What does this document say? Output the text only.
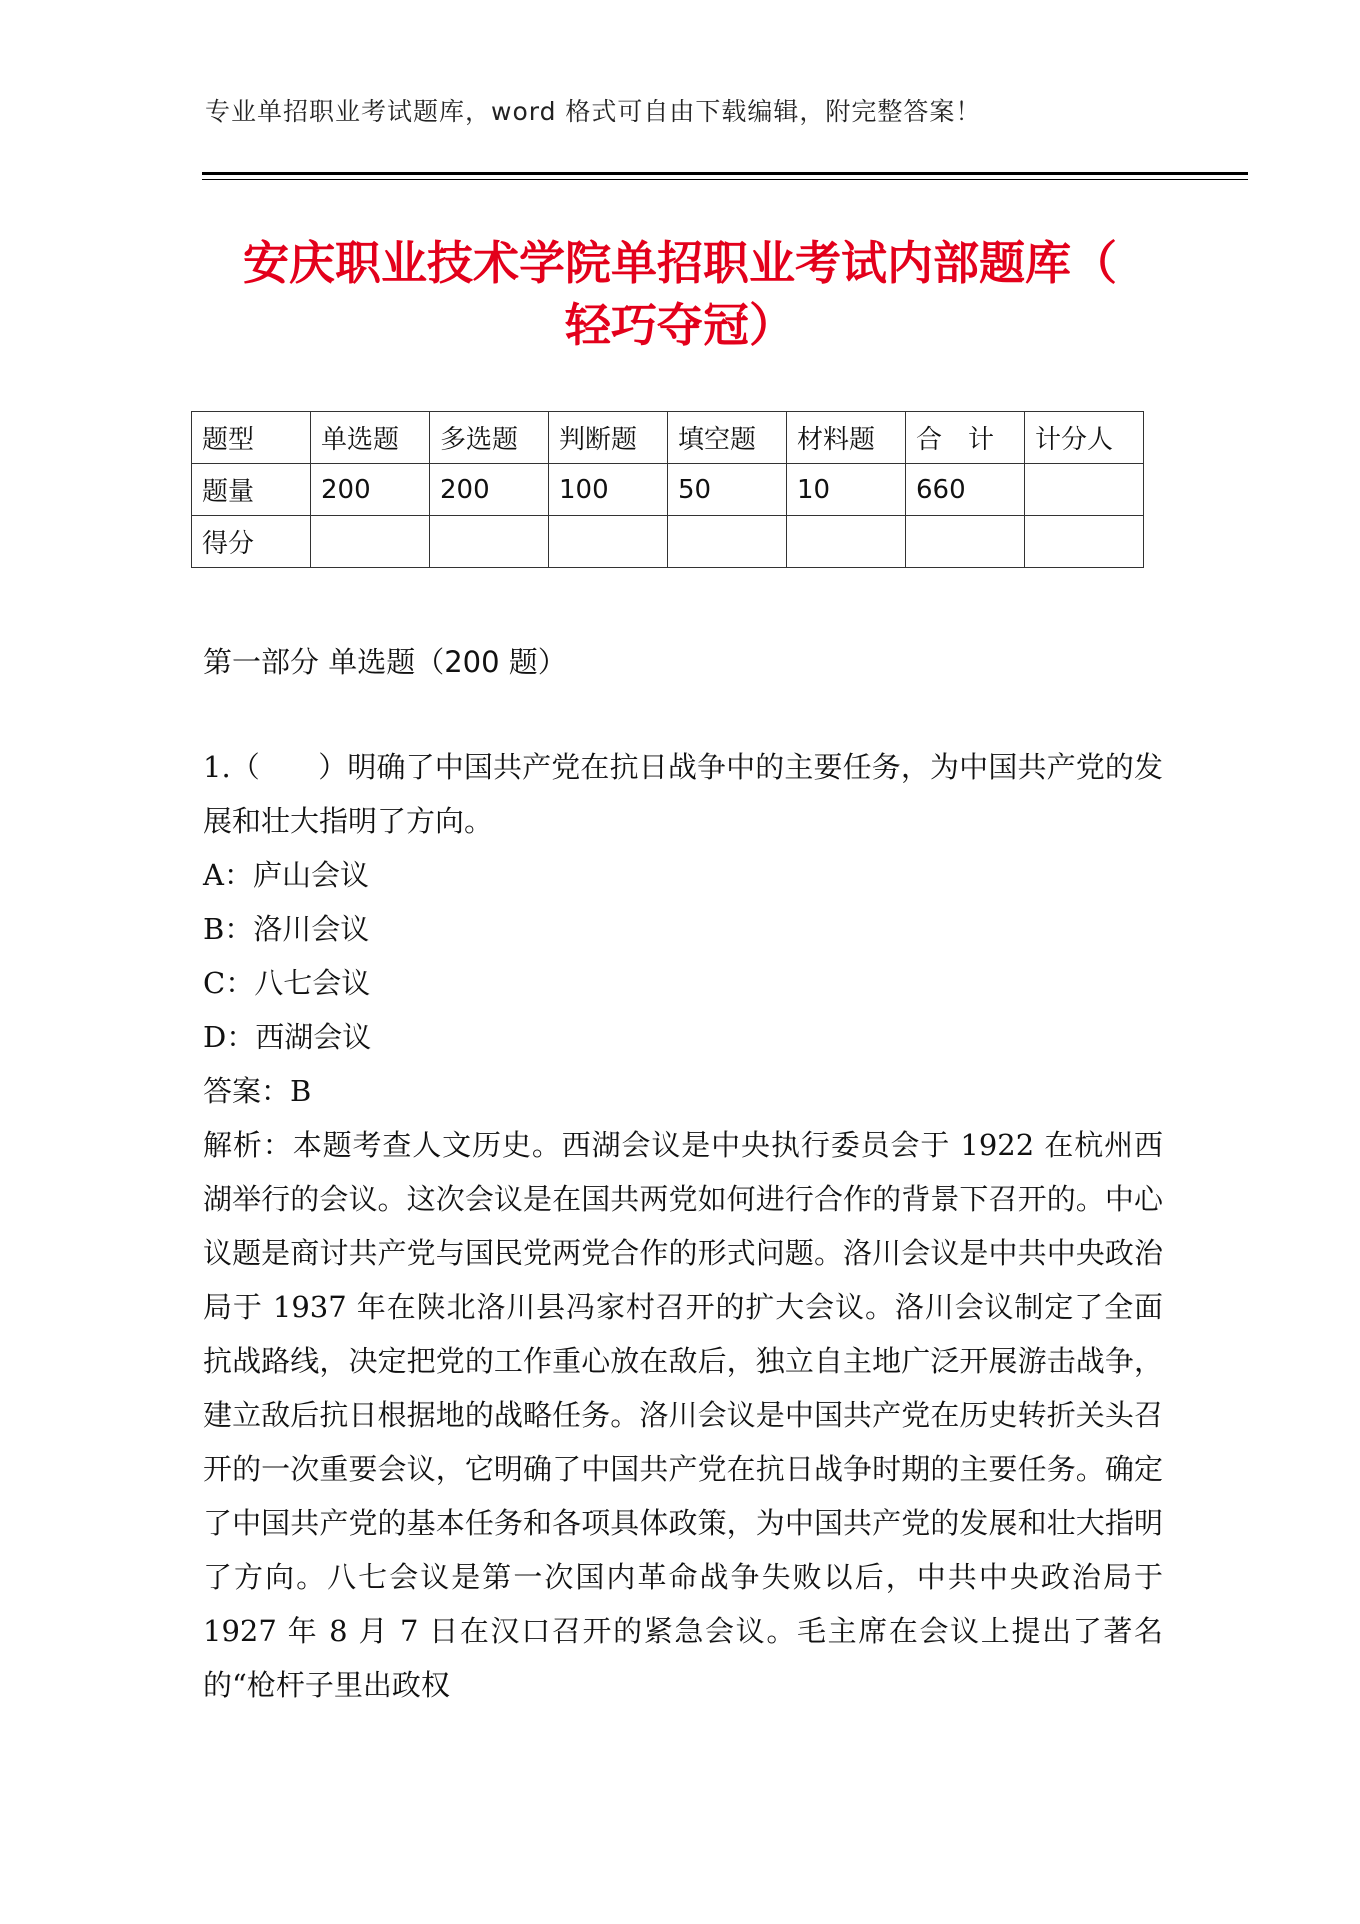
专业单招职业考试题库，word 格式可自由下载编辑，附完整答案！
安庆职业技术学院单招职业考试内部题库（
轻巧夺冠）
题型	单选题	多选题	判断题	填空题	材料题	合　计	计分人
题量	200	200	100	50	10	660	
得分							
第一部分 单选题（200 题）

1.（　　）明确了中国共产党在抗日战争中的主要任务，为中国共产党的发展和壮大指明了方向。

A：庐山会议

B：洛川会议

C：八七会议

D：西湖会议

答案：B

解析：本题考查人文历史。西湖会议是中央执行委员会于 1922 在杭州西湖举行的会议。这次会议是在国共两党如何进行合作的背景下召开的。中心议题是商讨共产党与国民党两党合作的形式问题。洛川会议是中共中央政治局于 1937 年在陕北洛川县冯家村召开的扩大会议。洛川会议制定了全面抗战路线，决定把党的工作重心放在敌后，独立自主地广泛开展游击战争，建立敌后抗日根据地的战略任务。洛川会议是中国共产党在历史转折关头召开的一次重要会议，它明确了中国共产党在抗日战争时期的主要任务。确定了中国共产党的基本任务和各项具体政策，为中国共产党的发展和壮大指明了方向。八七会议是第一次国内革命战争失败以后，中共中央政治局于 1927 年 8 月 7 日在汉口召开的紧急会议。毛主席在会议上提出了著名的“枪杆子里出政权
